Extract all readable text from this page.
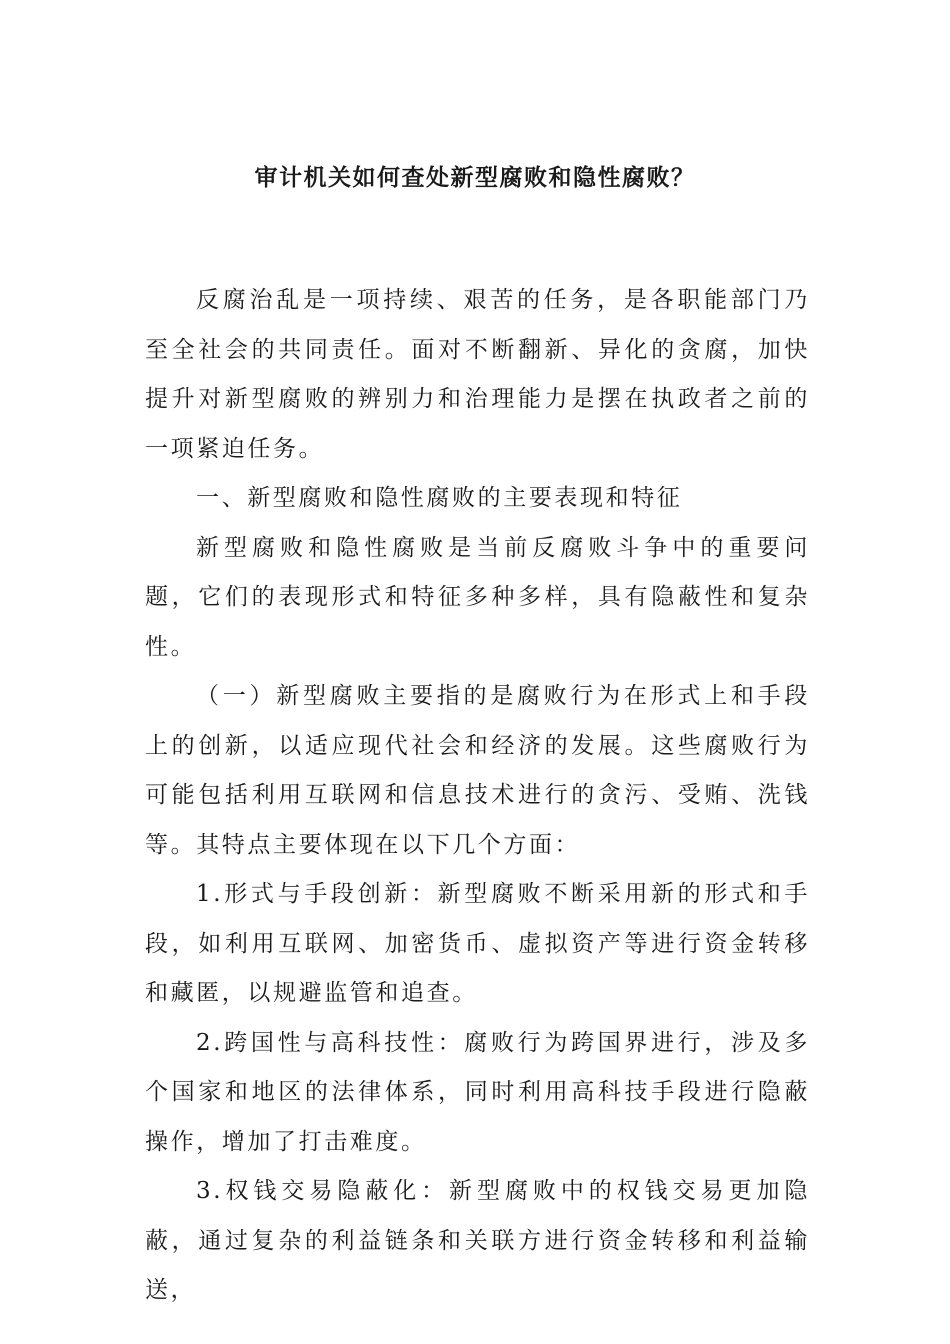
审计机关如何查处新型腐败和隐性腐败？

反腐治乱是一项持续、艰苦的任务，是各职能部门乃至全社会的共同责任。面对不断翻新、异化的贪腐，加快提升对新型腐败的辨别力和治理能力是摆在执政者之前的一项紧迫任务。

一、新型腐败和隐性腐败的主要表现和特征

新型腐败和隐性腐败是当前反腐败斗争中的重要问题，它们的表现形式和特征多种多样，具有隐蔽性和复杂性。

（一）新型腐败主要指的是腐败行为在形式上和手段上的创新，以适应现代社会和经济的发展。这些腐败行为可能包括利用互联网和信息技术进行的贪污、受贿、洗钱等。其特点主要体现在以下几个方面：

1.形式与手段创新：新型腐败不断采用新的形式和手段，如利用互联网、加密货币、虚拟资产等进行资金转移和藏匿，以规避监管和追查。

2.跨国性与高科技性：腐败行为跨国界进行，涉及多个国家和地区的法律体系，同时利用高科技手段进行隐蔽操作，增加了打击难度。

3.权钱交易隐蔽化：新型腐败中的权钱交易更加隐蔽，通过复杂的利益链条和关联方进行资金转移和利益输送，
